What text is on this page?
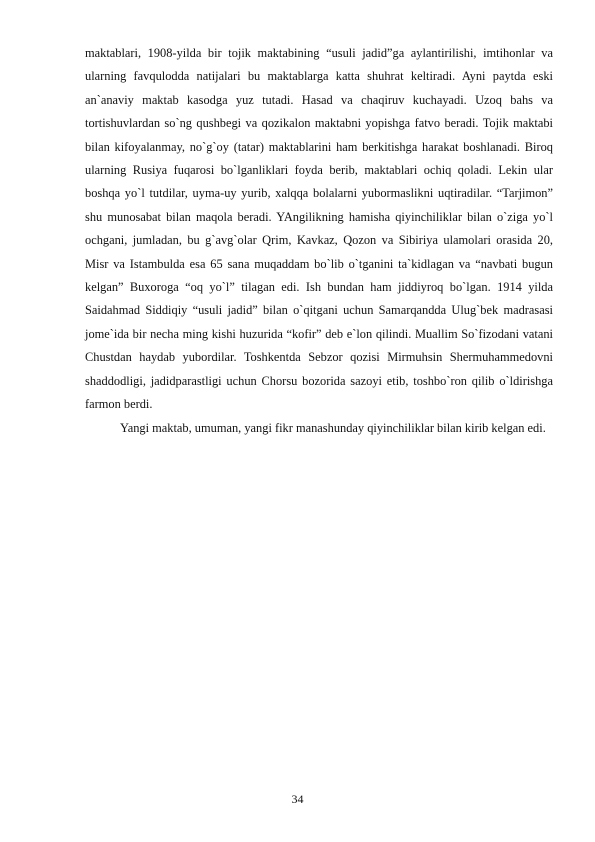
maktablari, 1908-yilda bir tojik maktabining “usuli jadid”ga aylantirilishi, imtihonlar va ularning favqulodda natijalari bu maktablarga katta shuhrat keltiradi. Ayni paytda eski an`anaviy maktab kasodga yuz tutadi. Hasad va chaqiruv kuchayadi. Uzoq bahs va tortishuvlardan so`ng qushbegi va qozikalon maktabni yopishga fatvo beradi. Tojik maktabi bilan kifoyalanmay, no`g`oy (tatar) maktablarini ham berkitishga harakat boshlanadi. Biroq ularning Rusiya fuqarosi bo`lganliklari foyda berib, maktablari ochiq qoladi. Lekin ular boshqa yo`l tutdilar, uyma-uy yurib, xalqqa bolalarni yubormaslikni uqtiradilar. “Tarjimon” shu munosabat bilan maqola beradi. YAngilikning hamisha qiyinchiliklar bilan o`ziga yo`l ochgani, jumladan, bu g`avg`olar Qrim, Kavkaz, Qozon va Sibiriya ulamolari orasida 20, Misr va Istambulda esa 65 sana muqaddam bo`lib o`tganini ta`kidlagan va “navbati bugun kelgan” Buxoroga “oq yo`l” tilagan edi. Ish bundan ham jiddiyroq bo`lgan. 1914 yilda Saidahmad Siddiqiy “usuli jadid” bilan o`qitgani uchun Samarqandda Ulug`bek madrasasi jome`ida bir necha ming kishi huzurida “kofir” deb e`lon qilindi. Muallim So`fizodani vatani Chustdan haydab yubordilar. Toshkentda Sebzor qozisi Mirmuhsin Shermuhammedovni shaddodligi, jadidparastligi uchun Chorsu bozorida sazoyi etib, toshbo`ron qilib o`ldirishga farmon berdi.

Yangi maktab, umuman, yangi fikr manashunday qiyinchiliklar bilan kirib kelgan edi.

34
